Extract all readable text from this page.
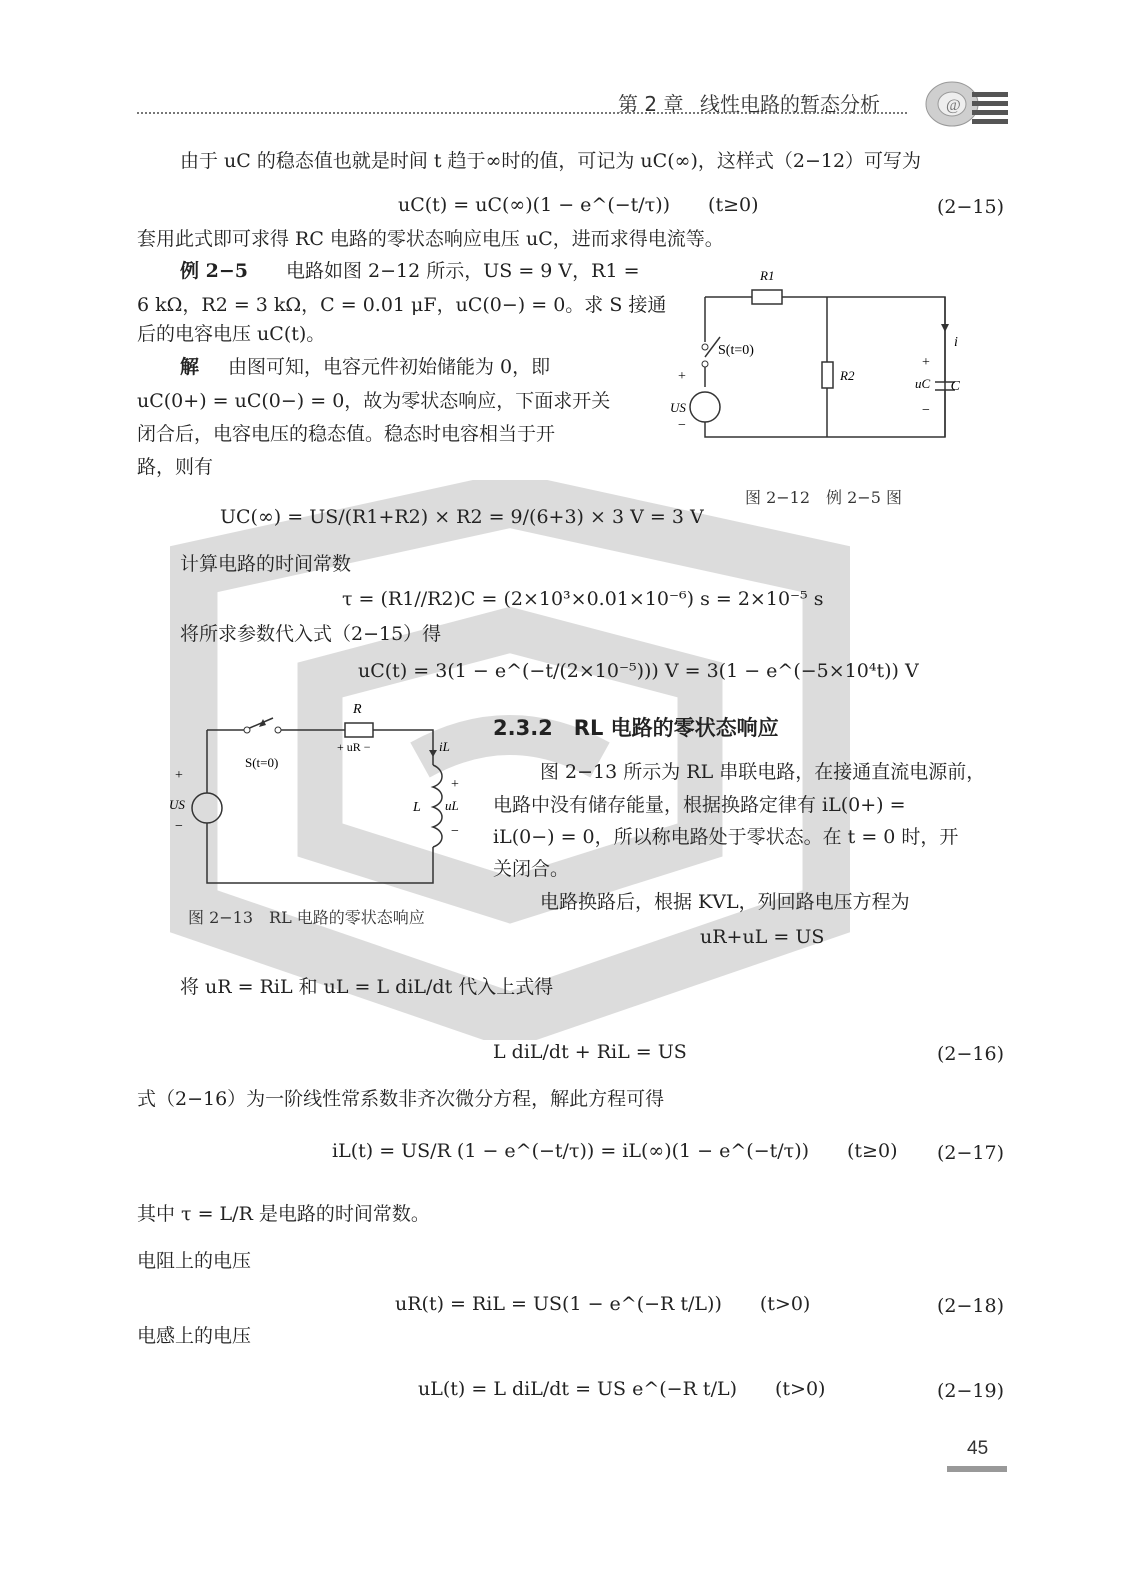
第 2 章 线性电路的暂态分析	@
由于 uC 的稳态值也就是时间 t 趋于∞时的值，可记为 uC(∞)，这样式（2−12）可写为
uC(t) = uC(∞)(1 − e^(−t/τ))　　(t≥0)	(2−15)
套用此式即可求得 RC 电路的零状态响应电压 uC，进而求得电流等。
例 2−5 电路如图 2−12 所示，US = 9 V，R1 =
6 kΩ，R2 = 3 kΩ，C = 0.01 μF，uC(0−) = 0。求 S 接通
后的电容电压 uC(t)。
解 由图可知，电容元件初始储能为 0，即
uC(0+) = uC(0−) = 0，故为零状态响应，下面求开关
闭合后，电容电压的稳态值。稳态时电容相当于开
路，则有
R1
S(t=0)
+
US
−
R2
i
+
uC
−
C
图 2−12　例 2−5 图
UC(∞) = US/(R1+R2) × R2 = 9/(6+3) × 3 V = 3 V
计算电路的时间常数
τ = (R1//R2)C = (2×10³×0.01×10⁻⁶) s = 2×10⁻⁵ s
将所求参数代入式（2−15）得
uC(t) = 3(1 − e^(−t/(2×10⁻⁵))) V = 3(1 − e^(−5×10⁴t)) V
2.3.2　RL 电路的零状态响应
图 2−13 所示为 RL 串联电路，在接通直流电源前，
电路中没有储存能量，根据换路定律有 iL(0+) =
iL(0−) = 0，所以称电路处于零状态。在 t = 0 时，开
关闭合。
电路换路后，根据 KVL，列回路电压方程为
uR+uL = US
R
+ uR −	iL
S(t=0)
+
US
−
L
+
uL
−
图 2−13　RL 电路的零状态响应
将 uR = RiL 和 uL = L diL/dt 代入上式得
L diL/dt + RiL = US	(2−16)
式（2−16）为一阶线性常系数非齐次微分方程，解此方程可得
iL(t) = US/R (1 − e^(−t/τ)) = iL(∞)(1 − e^(−t/τ))　　(t≥0) (2−17)
其中 τ = L/R 是电路的时间常数。
电阻上的电压
uR(t) = RiL = US(1 − e^(−R t/L))　　(t>0)	(2−18)
电感上的电压
uL(t) = L diL/dt = US e^(−R t/L)　　(t>0)	(2−19)
45
